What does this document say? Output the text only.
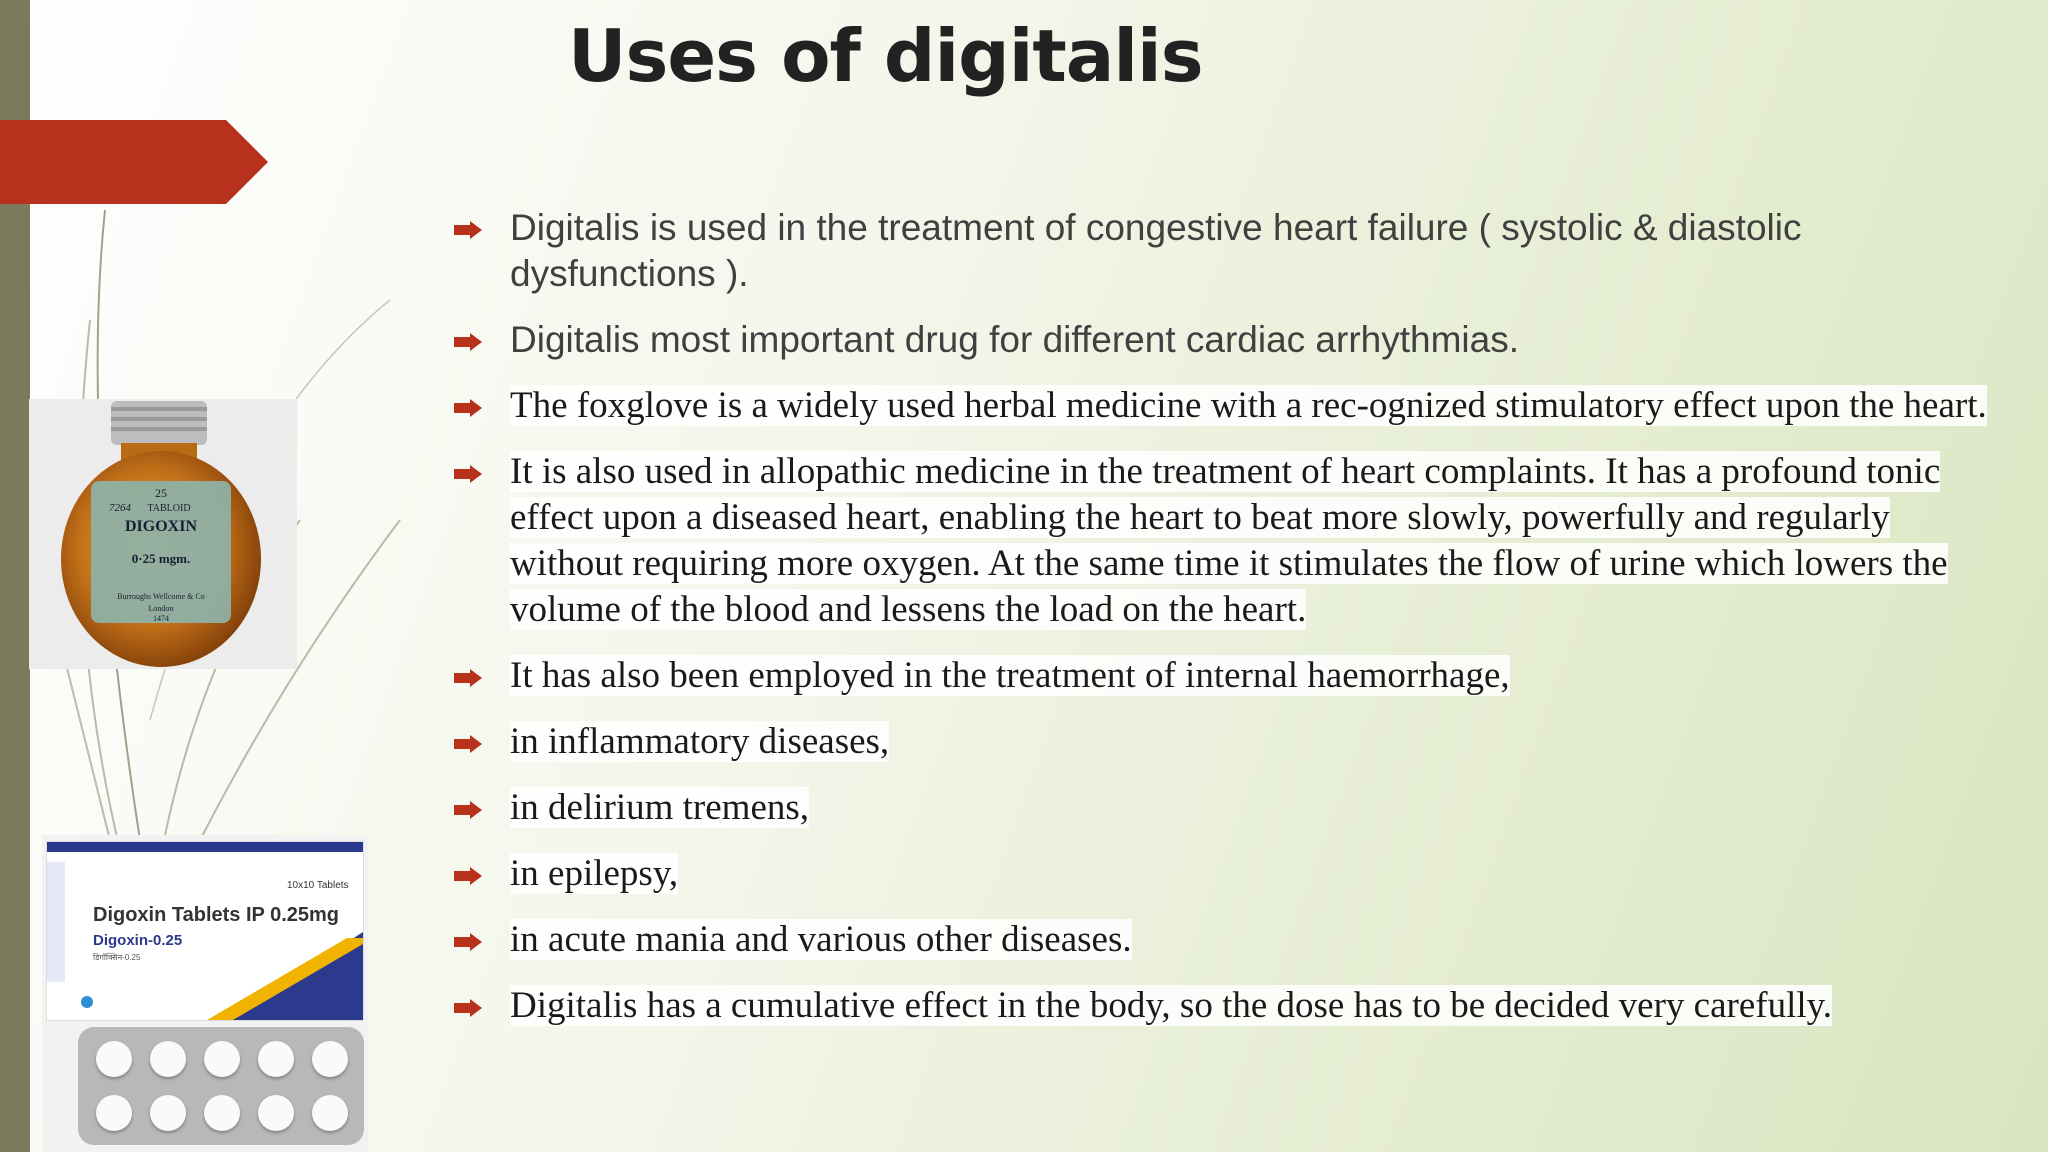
Uses of digitalis
25
7264 TABLOID
DIGOXIN
0·25 mgm.
Burroughs Wellcome & Co
London
1474
10x10 Tablets
Digoxin Tablets IP 0.25mg
Digoxin-0.25
डिगॉक्सिन-0.25
Digitalis is used in the treatment of congestive heart failure ( systolic & diastolic dysfunctions ).
Digitalis most important drug for different cardiac arrhythmias.
The foxglove is a widely used herbal medicine with a rec-ognized stimulatory effect upon the heart.
It is also used in allopathic medicine in the treatment of heart complaints. It has a profound tonic effect upon a diseased heart, enabling the heart to beat more slowly, powerfully and regularly without requiring more oxygen. At the same time it stimulates the flow of urine which lowers the volume of the blood and lessens the load on the heart.
It has also been employed in the treatment of internal haemorrhage,
in inflammatory diseases,
in delirium tremens,
in epilepsy,
in acute mania and various other diseases.
Digitalis has a cumulative effect in the body, so the dose has to be decided very carefully.
